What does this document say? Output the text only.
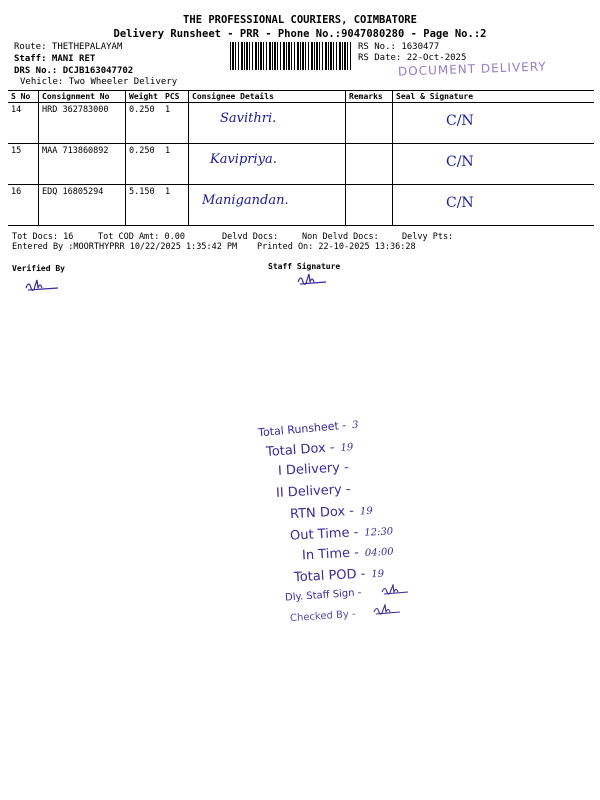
THE PROFESSIONAL COURIERS, COIMBATORE
Delivery Runsheet - PRR - Phone No.:9047080280 - Page No.:2
Route: THETHEPALAYAM
Staff: MANI RET
DRS No.: DCJB163047702
Vehicle: Two Wheeler Delivery
RS No.: 1630477
RS Date: 22-Oct-2025
DOCUMENT DELIVERY
S No	Consignment No	Weight	PCS	Consignee Details	Remarks	Seal & Signature
14	HRD 362783000	0.250	1	Savithri.		C/N
15	MAA 713860892	0.250	1	Kavipriya.		C/N
16	EDQ 16805294	5.150	1	Manigandan.		C/N
Tot Docs: 16	Tot COD Amt: 0.00	Delvd Docs:	Non Delvd Docs:	Delvy Pts:
Entered By :MOORTHYPRR 10/22/2025 1:35:42 PM Printed On: 22-10-2025 13:36:28
Verified By	Staff Signature
Total Runsheet - 3
Total Dox - 19
I Delivery -
II Delivery -
RTN Dox - 19
Out Time - 12:30
In Time - 04:00
Total POD - 19
Dly. Staff Sign -
Checked By -
